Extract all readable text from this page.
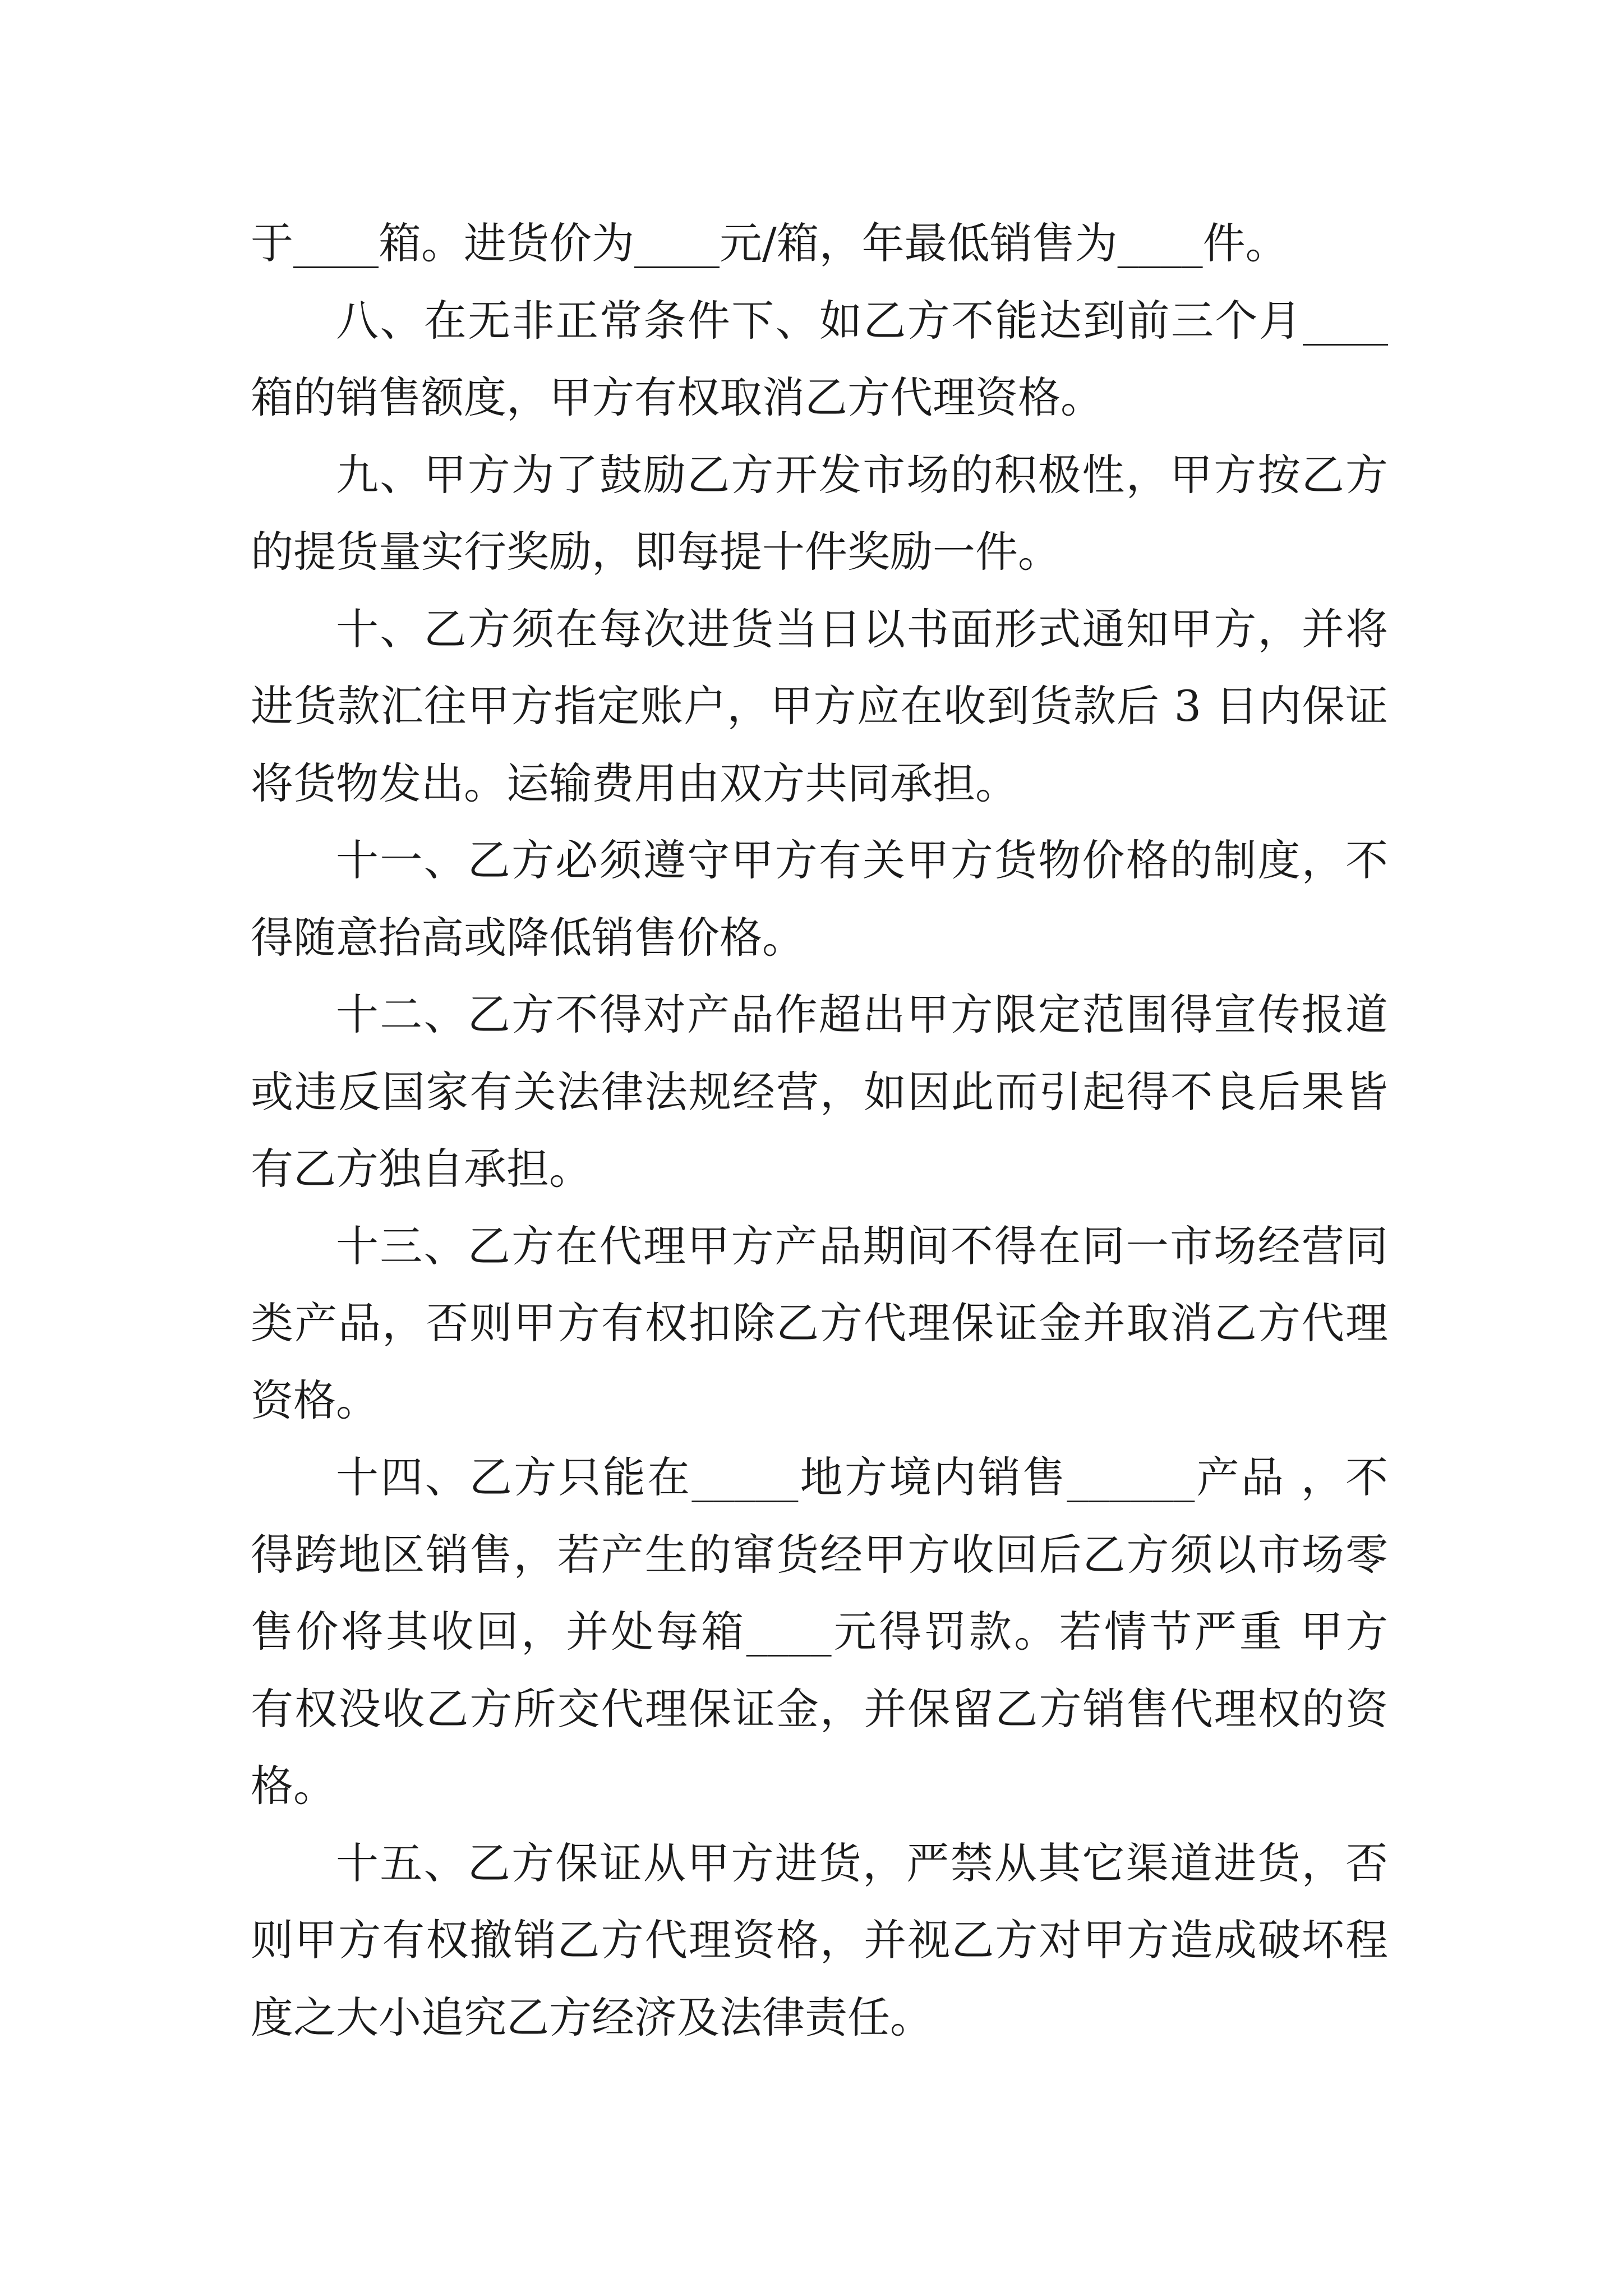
于____箱。进货价为____元/箱，年最低销售为____件。
八、在无非正常条件下、如乙方不能达到前三个月____
箱的销售额度，甲方有权取消乙方代理资格。
九、甲方为了鼓励乙方开发市场的积极性，甲方按乙方
的提货量实行奖励，即每提十件奖励一件。
十、乙方须在每次进货当日以书面形式通知甲方，并将
进货款汇往甲方指定账户，甲方应在收到货款后 3 日内保证
将货物发出。运输费用由双方共同承担。
十一、乙方必须遵守甲方有关甲方货物价格的制度，不
得随意抬高或降低销售价格。
十二、乙方不得对产品作超出甲方限定范围得宣传报道
或违反国家有关法律法规经营，如因此而引起得不良后果皆
有乙方独自承担。
十三、乙方在代理甲方产品期间不得在同一市场经营同
类产品，否则甲方有权扣除乙方代理保证金并取消乙方代理
资格。
十四、乙方只能在_____地方境内销售______产品 ，不
得跨地区销售，若产生的窜货经甲方收回后乙方须以市场零
售价将其收回，并处每箱____元得罚款。若情节严重 甲方
有权没收乙方所交代理保证金，并保留乙方销售代理权的资
格。
十五、乙方保证从甲方进货，严禁从其它渠道进货，否
则甲方有权撤销乙方代理资格，并视乙方对甲方造成破坏程
度之大小追究乙方经济及法律责任。
